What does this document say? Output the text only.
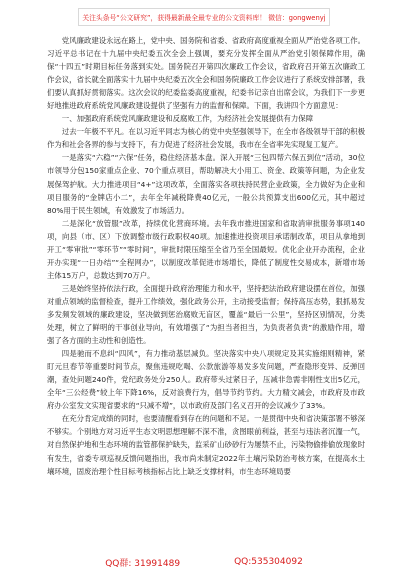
关注头条号“公文研究”，获得最新最全最专业的公文资料库！ 微信：gongwenyj

党风廉政建设永远在路上，党中央、国务院和省委、省政府高度重视全面从严治党各项工作。习近平总书记在十九届中央纪委五次全会上强调，要充分发挥全面从严治党引领保障作用，确保“十四五”时期目标任务落到实处。国务院召开第四次廉政工作会议，省政府召开第五次廉政工作会议，省长就全面落实十九届中央纪委五次全会和国务院廉政工作会议进行了系统安排部署，我们要认真抓好贯彻落实。这次会议的纪委监委高度重视，纪委书记亲自出席会议，为我们下一步更好地推进政府系统党风廉政建设提供了坚强有力的监督和保障。下面，我讲四个方面意见：

一、加强政府系统党风廉政建设和反腐败工作，为经济社会发展提供有力保障

过去一年极不平凡。在以习近平同志为核心的党中央坚强领导下，在全市各级领导干部的积极作为和社会各界的参与支持下，有力促进了经济社会发展，我市在全省率先实现复工复产。

一是落实“六稳”“六保”任务，稳住经济基本盘。深入开展“三包四帮六保五到位”活动，30位市领导分包150家重点企业、70个重点项目，帮助解决大小用工、资金、政策等问题，为企业发展保驾护航。大力推进项目“4+”这项改革，全面落实各项扶持民营企业政策，全力做好为企业和项目服务的“金牌店小二”，去年全年减税降费40亿元，一般公共预算支出600亿元，其中超过80%用于民生领域，有效激发了市场活力。

二是深化“放管服”改革，持续优化营商环境。去年我市推进国家和省取消审批服务事项140项，向县（市、区）下放调整市级行政职权40项。加速推进投资项目承诺制改革，项目从拿地到开工“零审批”“零环节”“零时间”，审批时限压缩至全省乃至全国最短。优化企业开办流程，企业开办实现“一日办结”“全程网办”，以制度改革促进市场增长，降低了制度性交易成本，新增市场主体15万户，总数达到70万户。

三是始终坚持依法行政，全面提升政府治理能力和水平，坚持把法治政府建设摆在首位，加强对重点领域的监督检查，提升工作绩效，强化政务公开，主动接受监督；保持高压态势，狠抓易发多发频发领域的廉政建设，坚决做到惩治腐败无盲区，覆盖“最后一公里”，坚持区别情况，分类处理，树立了鲜明的干事创业导向，有效增强了“为担当者担当，为负责者负责”的激励作用，增强了各方面的主动性和创造性。

四是驰而不息纠“四风”，有力推动基层减负。坚决落实中央八项规定及其实施细则精神，紧盯元旦春节等重要时间节点，聚焦违规吃喝、公款旅游等易发多发问题，严查隐形变异、反弹回潮，查处问题240件，党纪政务处分250人。政府带头过紧日子，压减非急需非刚性支出5亿元，全年“三公经费”较上年下降16%，反对浪费行为，倡导节约节约。大力精文减会，市政府及市政府办公室发文实现省要求的“只减不增”，以市政府及部门名义召开的会议减少了33%。

在充分肯定成绩的同时，也要清醒看到存在的问题和不足。一是贯彻中央和省决策部署不够深不够实。个别地方对习近平生态文明思想理解不深不准，贪图眼前利益，甚至与违法者沉瀣一气，对自然保护地和生态环境的监管都保护缺失，监采矿山砂砂行为屡禁不止，污染物偷排偷放现象时有发生，省委专项巡视反馈问题指出，我市尚未制定2022年土壤污染防治考核方案，在提高水土壤环境，固废治理个性目标考核指标占比上缺乏支撑材料，市生态环境局要

QQ群: 31991489	QQ:535304092
